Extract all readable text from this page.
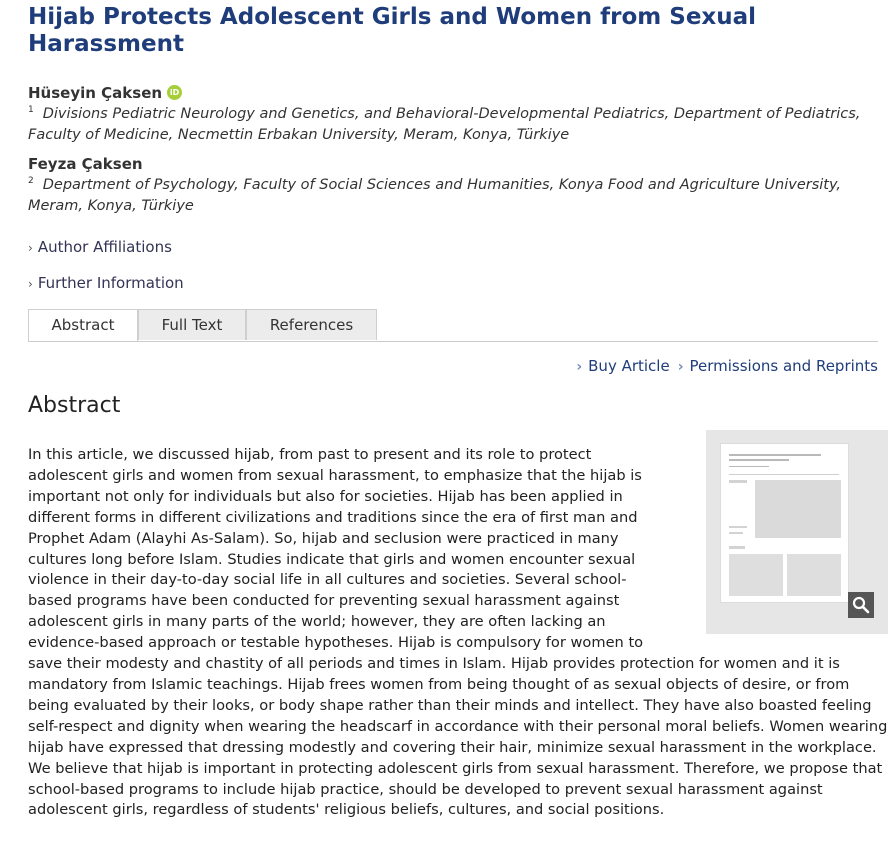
Hijab Protects Adolescent Girls and Women from Sexual Harassment
Hüseyin Çaksen iD
$^1$ Divisions Pediatric Neurology and Genetics, and Behavioral-Developmental Pediatrics, Department of Pediatrics, Faculty of Medicine, Necmettin Erbakan University, Meram, Konya, Türkiye
Feyza Çaksen
$^2$ Department of Psychology, Faculty of Social Sciences and Humanities, Konya Food and Agriculture University, Meram, Konya, Türkiye
› Author Affiliations
› Further Information
Abstract	Full Text	References
› Buy Article › Permissions and Reprints
Abstract
In this article, we discussed hijab, from past to present and its role to protect adolescent girls and women from sexual harassment, to emphasize that the hijab is important not only for individuals but also for societies. Hijab has been applied in different forms in different civilizations and traditions since the era of first man and Prophet Adam (Alayhi As-Salam). So, hijab and seclusion were practiced in many cultures long before Islam. Studies indicate that girls and women encounter sexual violence in their day-to-day social life in all cultures and societies. Several school-based programs have been conducted for preventing sexual harassment against adolescent girls in many parts of the world; however, they are often lacking an evidence-based approach or testable hypotheses. Hijab is compulsory for women to save their modesty and chastity of all periods and times in Islam. Hijab provides protection for women and it is mandatory from Islamic teachings. Hijab frees women from being thought of as sexual objects of desire, or from being evaluated by their looks, or body shape rather than their minds and intellect. They have also boasted feeling self-respect and dignity when wearing the headscarf in accordance with their personal moral beliefs. Women wearing hijab have expressed that dressing modestly and covering their hair, minimize sexual harassment in the workplace. We believe that hijab is important in protecting adolescent girls from sexual harassment. Therefore, we propose that school-based programs to include hijab practice, should be developed to prevent sexual harassment against adolescent girls, regardless of students' religious beliefs, cultures, and social positions.
